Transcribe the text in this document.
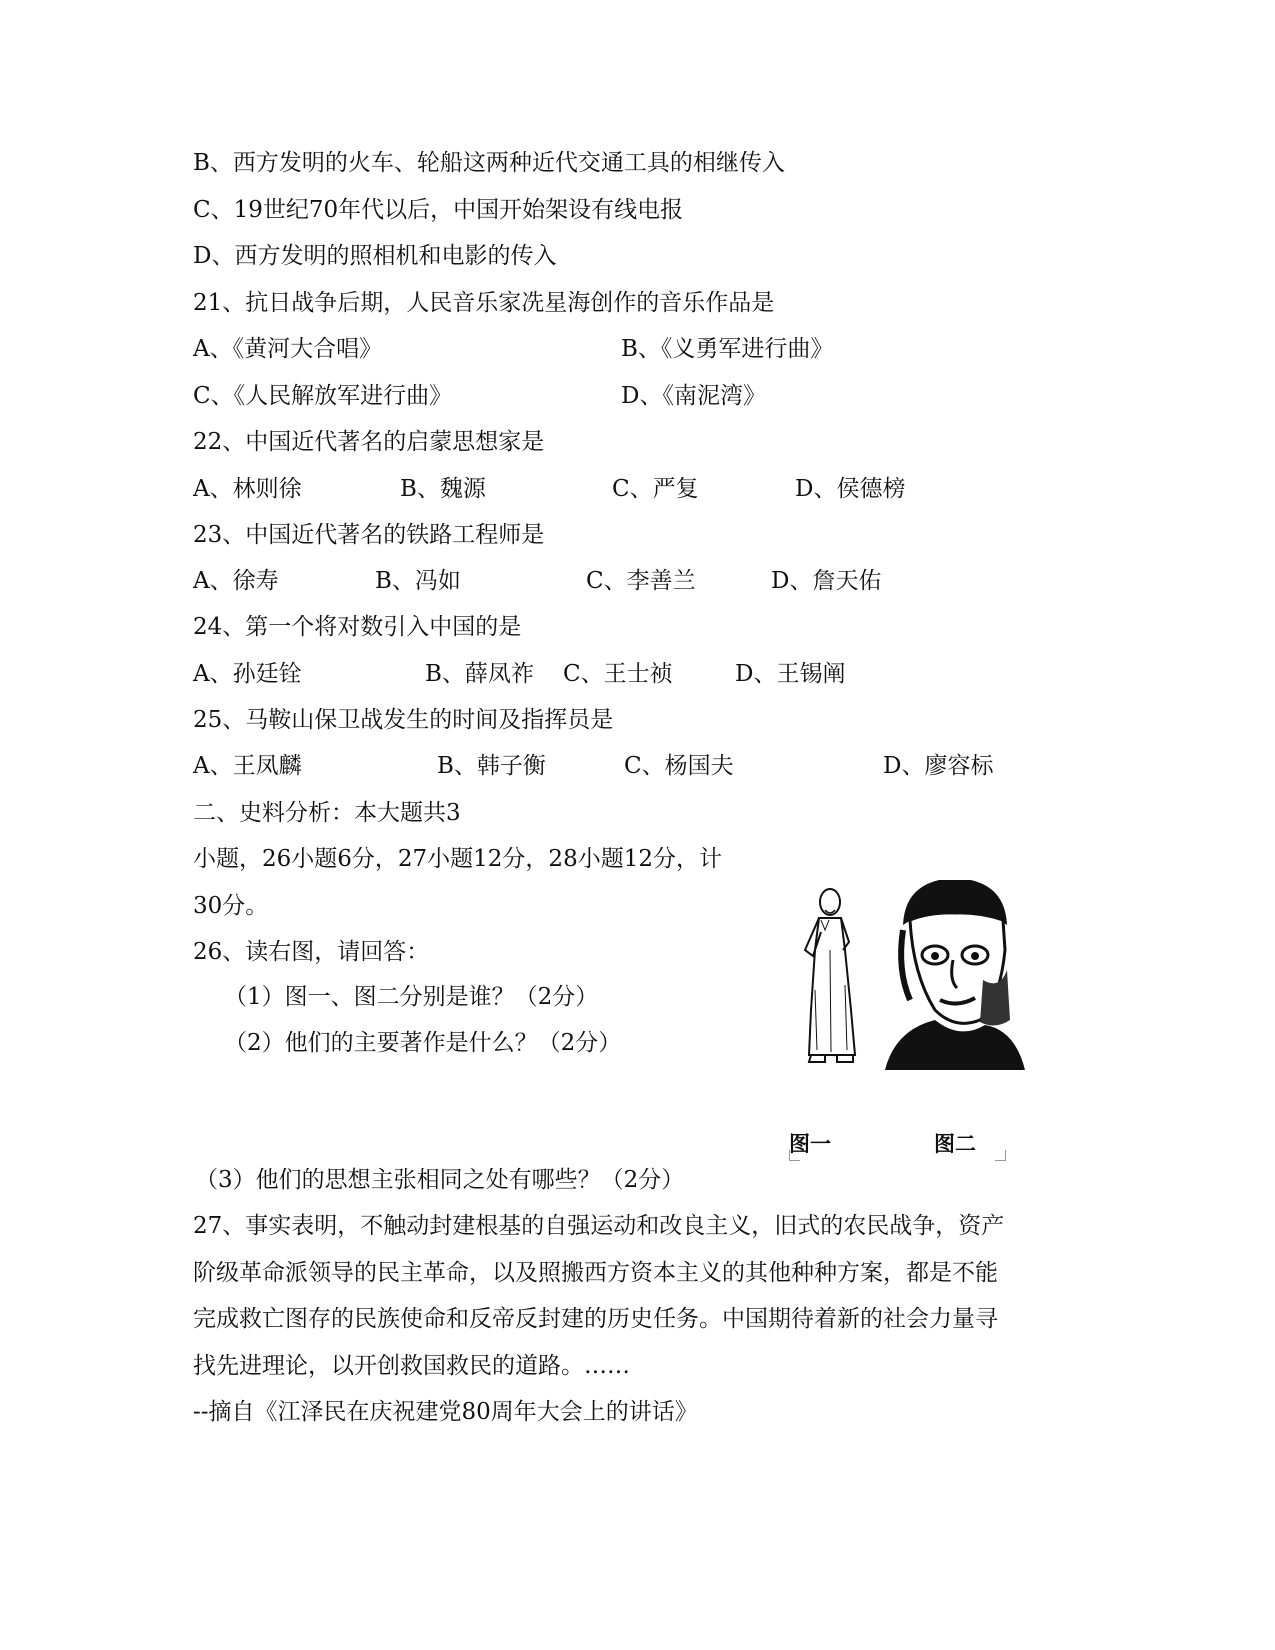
B、西方发明的火车、轮船这两种近代交通工具的相继传入
C、19世纪70年代以后，中国开始架设有线电报
D、西方发明的照相机和电影的传入
21、抗日战争后期，人民音乐家冼星海创作的音乐作品是
A、《黄河大合唱》	B、《义勇军进行曲》
C、《人民解放军进行曲》	D、《南泥湾》
22、中国近代著名的启蒙思想家是
A、林则徐	B、魏源	C、严复	D、侯德榜
23、中国近代著名的铁路工程师是
A、徐寿	B、冯如	C、李善兰	D、詹天佑
24、第一个将对数引入中国的是
A、孙廷铨	B、薛凤祚 C、王士祯	D、王锡阐
25、马鞍山保卫战发生的时间及指挥员是
A、王凤麟	B、韩子衡	C、杨国夫	D、廖容标
二、史料分析：本大题共3
小题，26小题6分，27小题12分，28小题12分，计
30分。
26、读右图，请回答：
（1）图一、图二分别是谁？（2分）
（2）他们的主要著作是什么？（2分）
图一	图二
（3）他们的思想主张相同之处有哪些？（2分）
27、事实表明，不触动封建根基的自强运动和改良主义，旧式的农民战争，资产
阶级革命派领导的民主革命，以及照搬西方资本主义的其他种种方案，都是不能
完成救亡图存的民族使命和反帝反封建的历史任务。中国期待着新的社会力量寻
找先进理论，以开创救国救民的道路。……
--摘自《江泽民在庆祝建党80周年大会上的讲话》
